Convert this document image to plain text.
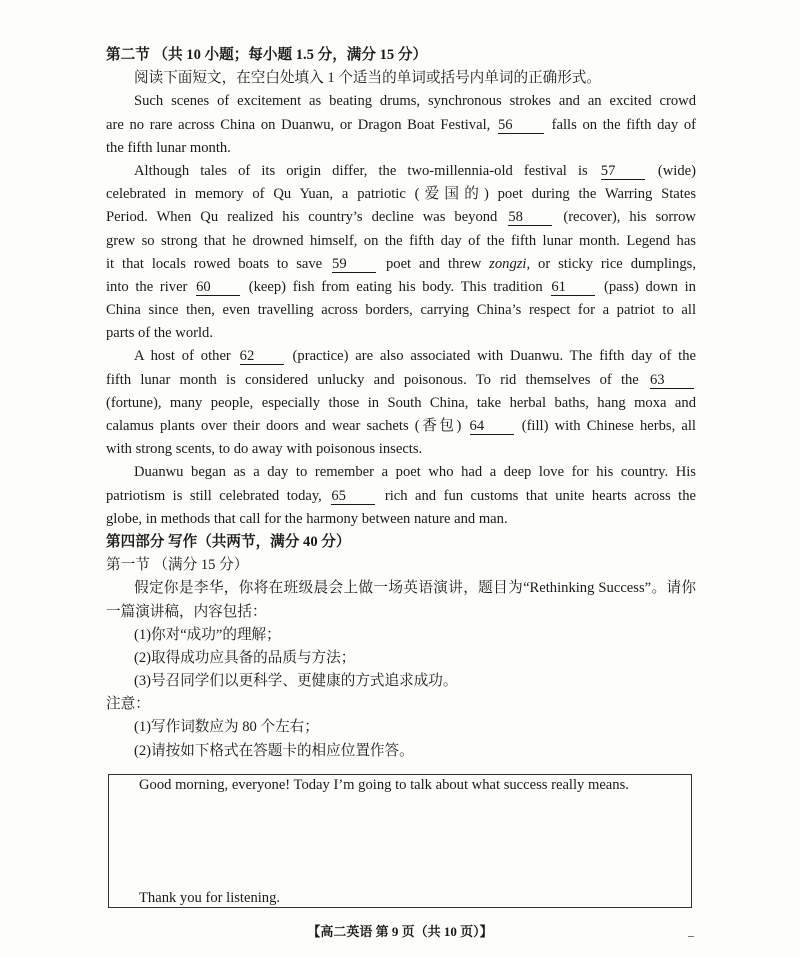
第二节 （共 10 小题；每小题 1.5 分，满分 15 分）
阅读下面短文，在空白处填入 1 个适当的单词或括号内单词的正确形式。
Such scenes of excitement as beating drums, synchronous strokes and an excited crowd
are no rare across China on Duanwu, or Dragon Boat Festival, 56	falls on the fifth day of
the fifth lunar month.
Although tales of its origin differ, the two-millennia-old festival is 57	(wide)
celebrated in memory of Qu Yuan, a patriotic (爱国的) poet during the Warring States
Period. When Qu realized his country’s decline was beyond 58	(recover), his sorrow
grew so strong that he drowned himself, on the fifth day of the fifth lunar month. Legend has
it that locals rowed boats to save 59	poet and threw zongzi, or sticky rice dumplings,
into the river 60	(keep) fish from eating his body. This tradition 61	(pass) down in
China since then, even travelling across borders, carrying China’s respect for a patriot to all
parts of the world.
A host of other 62	(practice) are also associated with Duanwu. The fifth day of the
fifth lunar month is considered unlucky and poisonous. To rid themselves of the 63
(fortune), many people, especially those in South China, take herbal baths, hang moxa and
calamus plants over their doors and wear sachets (香包) 64	(fill) with Chinese herbs, all
with strong scents, to do away with poisonous insects.
Duanwu began as a day to remember a poet who had a deep love for his country. His
patriotism is still celebrated today, 65	rich and fun customs that unite hearts across the
globe, in methods that call for the harmony between nature and man.
第四部分 写作（共两节，满分 40 分）
第一节 （满分 15 分）
假定你是李华，你将在班级晨会上做一场英语演讲，题目为“Rethinking Success”。请你
一篇演讲稿，内容包括：
(1)你对“成功”的理解；
(2)取得成功应具备的品质与方法；
(3)号召同学们以更科学、更健康的方式追求成功。
注意：
(1)写作词数应为 80 个左右；
(2)请按如下格式在答题卡的相应位置作答。
Good morning, everyone! Today I’m going to talk about what success really means.
Thank you for listening.
【高二英语 第 9 页（共 10 页）】	–
